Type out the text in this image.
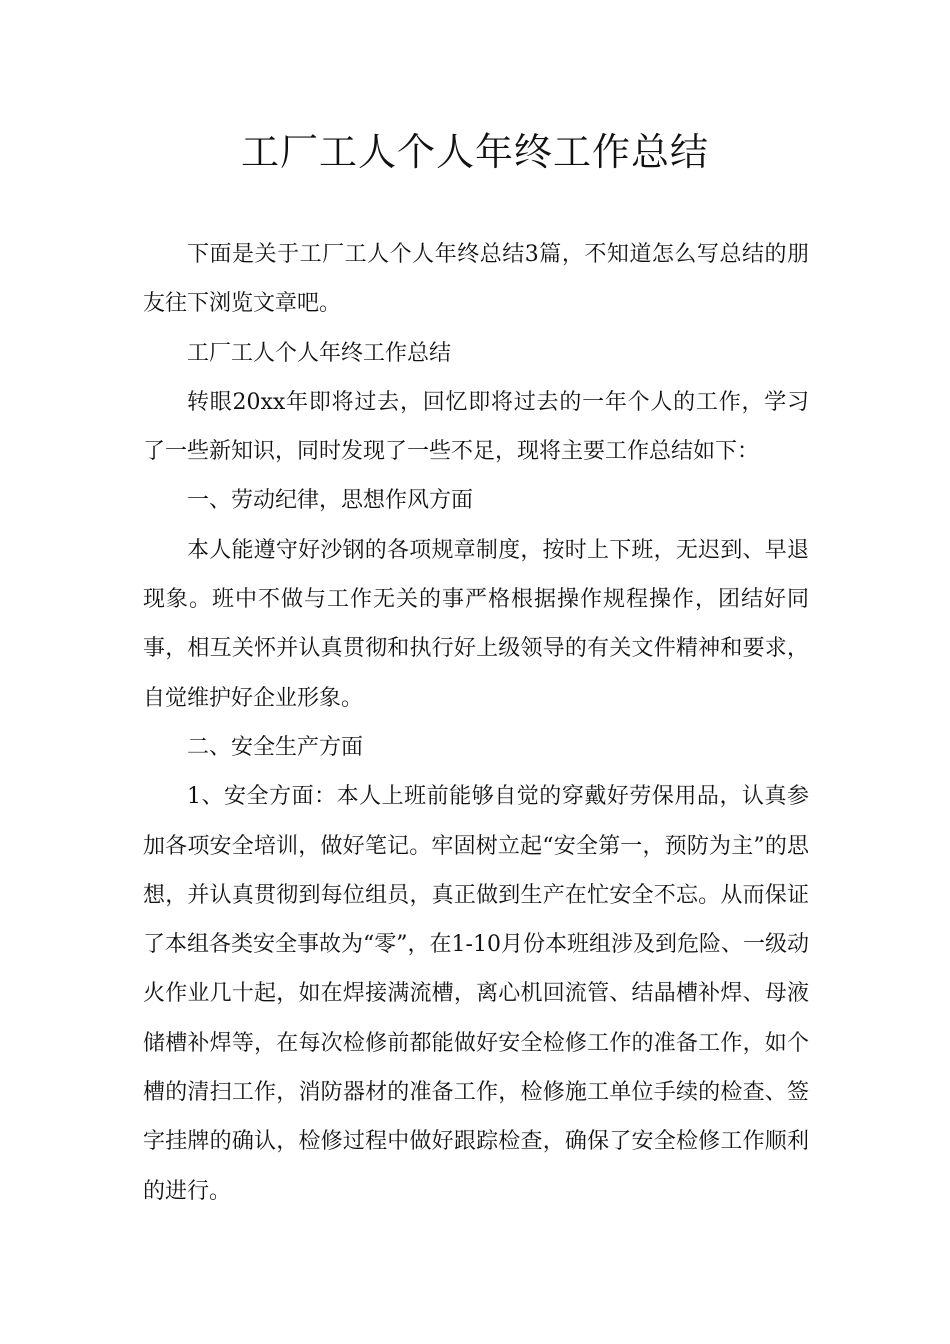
工厂工人个人年终工作总结

下面是关于工厂工人个人年终总结3篇，不知道怎么写总结的朋友往下浏览文章吧。

工厂工人个人年终工作总结

转眼20xx年即将过去，回忆即将过去的一年个人的工作，学习了一些新知识，同时发现了一些不足，现将主要工作总结如下：

一、劳动纪律，思想作风方面

本人能遵守好沙钢的各项规章制度，按时上下班，无迟到、早退现象。班中不做与工作无关的事严格根据操作规程操作，团结好同事，相互关怀并认真贯彻和执行好上级领导的有关文件精神和要求，自觉维护好企业形象。

二、安全生产方面

1、安全方面：本人上班前能够自觉的穿戴好劳保用品，认真参加各项安全培训，做好笔记。牢固树立起“安全第一，预防为主”的思想，并认真贯彻到每位组员，真正做到生产在忙安全不忘。从而保证了本组各类安全事故为“零”，在1-10月份本班组涉及到危险、一级动火作业几十起，如在焊接满流槽，离心机回流管、结晶槽补焊、母液储槽补焊等，在每次检修前都能做好安全检修工作的准备工作，如个槽的清扫工作，消防器材的准备工作，检修施工单位手续的检查、签字挂牌的确认，检修过程中做好跟踪检查，确保了安全检修工作顺利的进行。
